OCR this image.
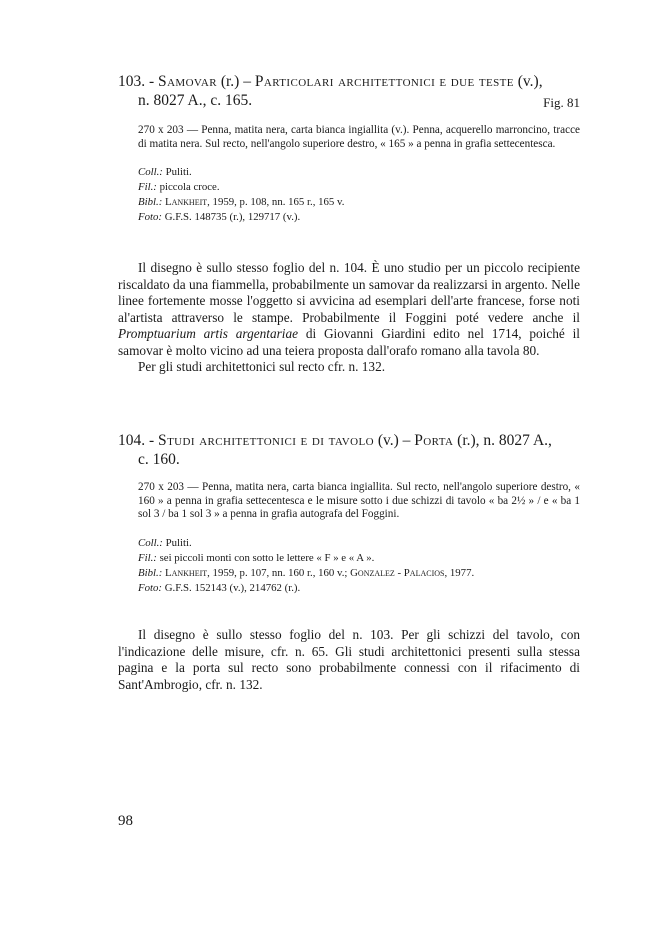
103. - Samovar (r.) – Particolari architettonici e due teste (v.),
n. 8027 A., c. 165.	Fig. 81
270 x 203 — Penna, matita nera, carta bianca ingiallita (v.). Penna, acquerello marroncino, tracce di matita nera. Sul recto, nell'angolo superiore destro, « 165 » a penna in grafia settecentesca.
Coll.: Puliti.
Fil.: piccola croce.
Bibl.: Lankheit, 1959, p. 108, nn. 165 r., 165 v.
Foto: G.F.S. 148735 (r.), 129717 (v.).

Il disegno è sullo stesso foglio del n. 104. È uno studio per un piccolo recipiente riscaldato da una fiammella, probabilmente un samovar da realizzarsi in argento. Nelle linee fortemente mosse l'oggetto si avvicina ad esemplari dell'arte francese, forse noti al'artista attraverso le stampe. Probabilmente il Foggini poté vedere anche il Promptuarium artis argentariae di Giovanni Giardini edito nel 1714, poiché il samovar è molto vicino ad una teiera proposta dall'orafo romano alla tavola 80.

Per gli studi architettonici sul recto cfr. n. 132.

104. - Studi architettonici e di tavolo (v.) – Porta (r.), n. 8027 A.,
c. 160.
270 x 203 — Penna, matita nera, carta bianca ingiallita. Sul recto, nell'angolo superiore destro, « 160 » a penna in grafia settecentesca e le misure sotto i due schizzi di tavolo « ba 2½ » / e « ba 1 sol 3 / ba 1 sol 3 » a penna in grafia autografa del Foggini.
Coll.: Puliti.
Fil.: sei piccoli monti con sotto le lettere « F » e « A ».
Bibl.: Lankheit, 1959, p. 107, nn. 160 r., 160 v.; Gonzalez - Palacios, 1977.
Foto: G.F.S. 152143 (v.), 214762 (r.).

Il disegno è sullo stesso foglio del n. 103. Per gli schizzi del tavolo, con l'indicazione delle misure, cfr. n. 65. Gli studi architettonici presenti sulla stessa pagina e la porta sul recto sono probabilmente connessi con il rifacimento di Sant'Ambrogio, cfr. n. 132.

98
